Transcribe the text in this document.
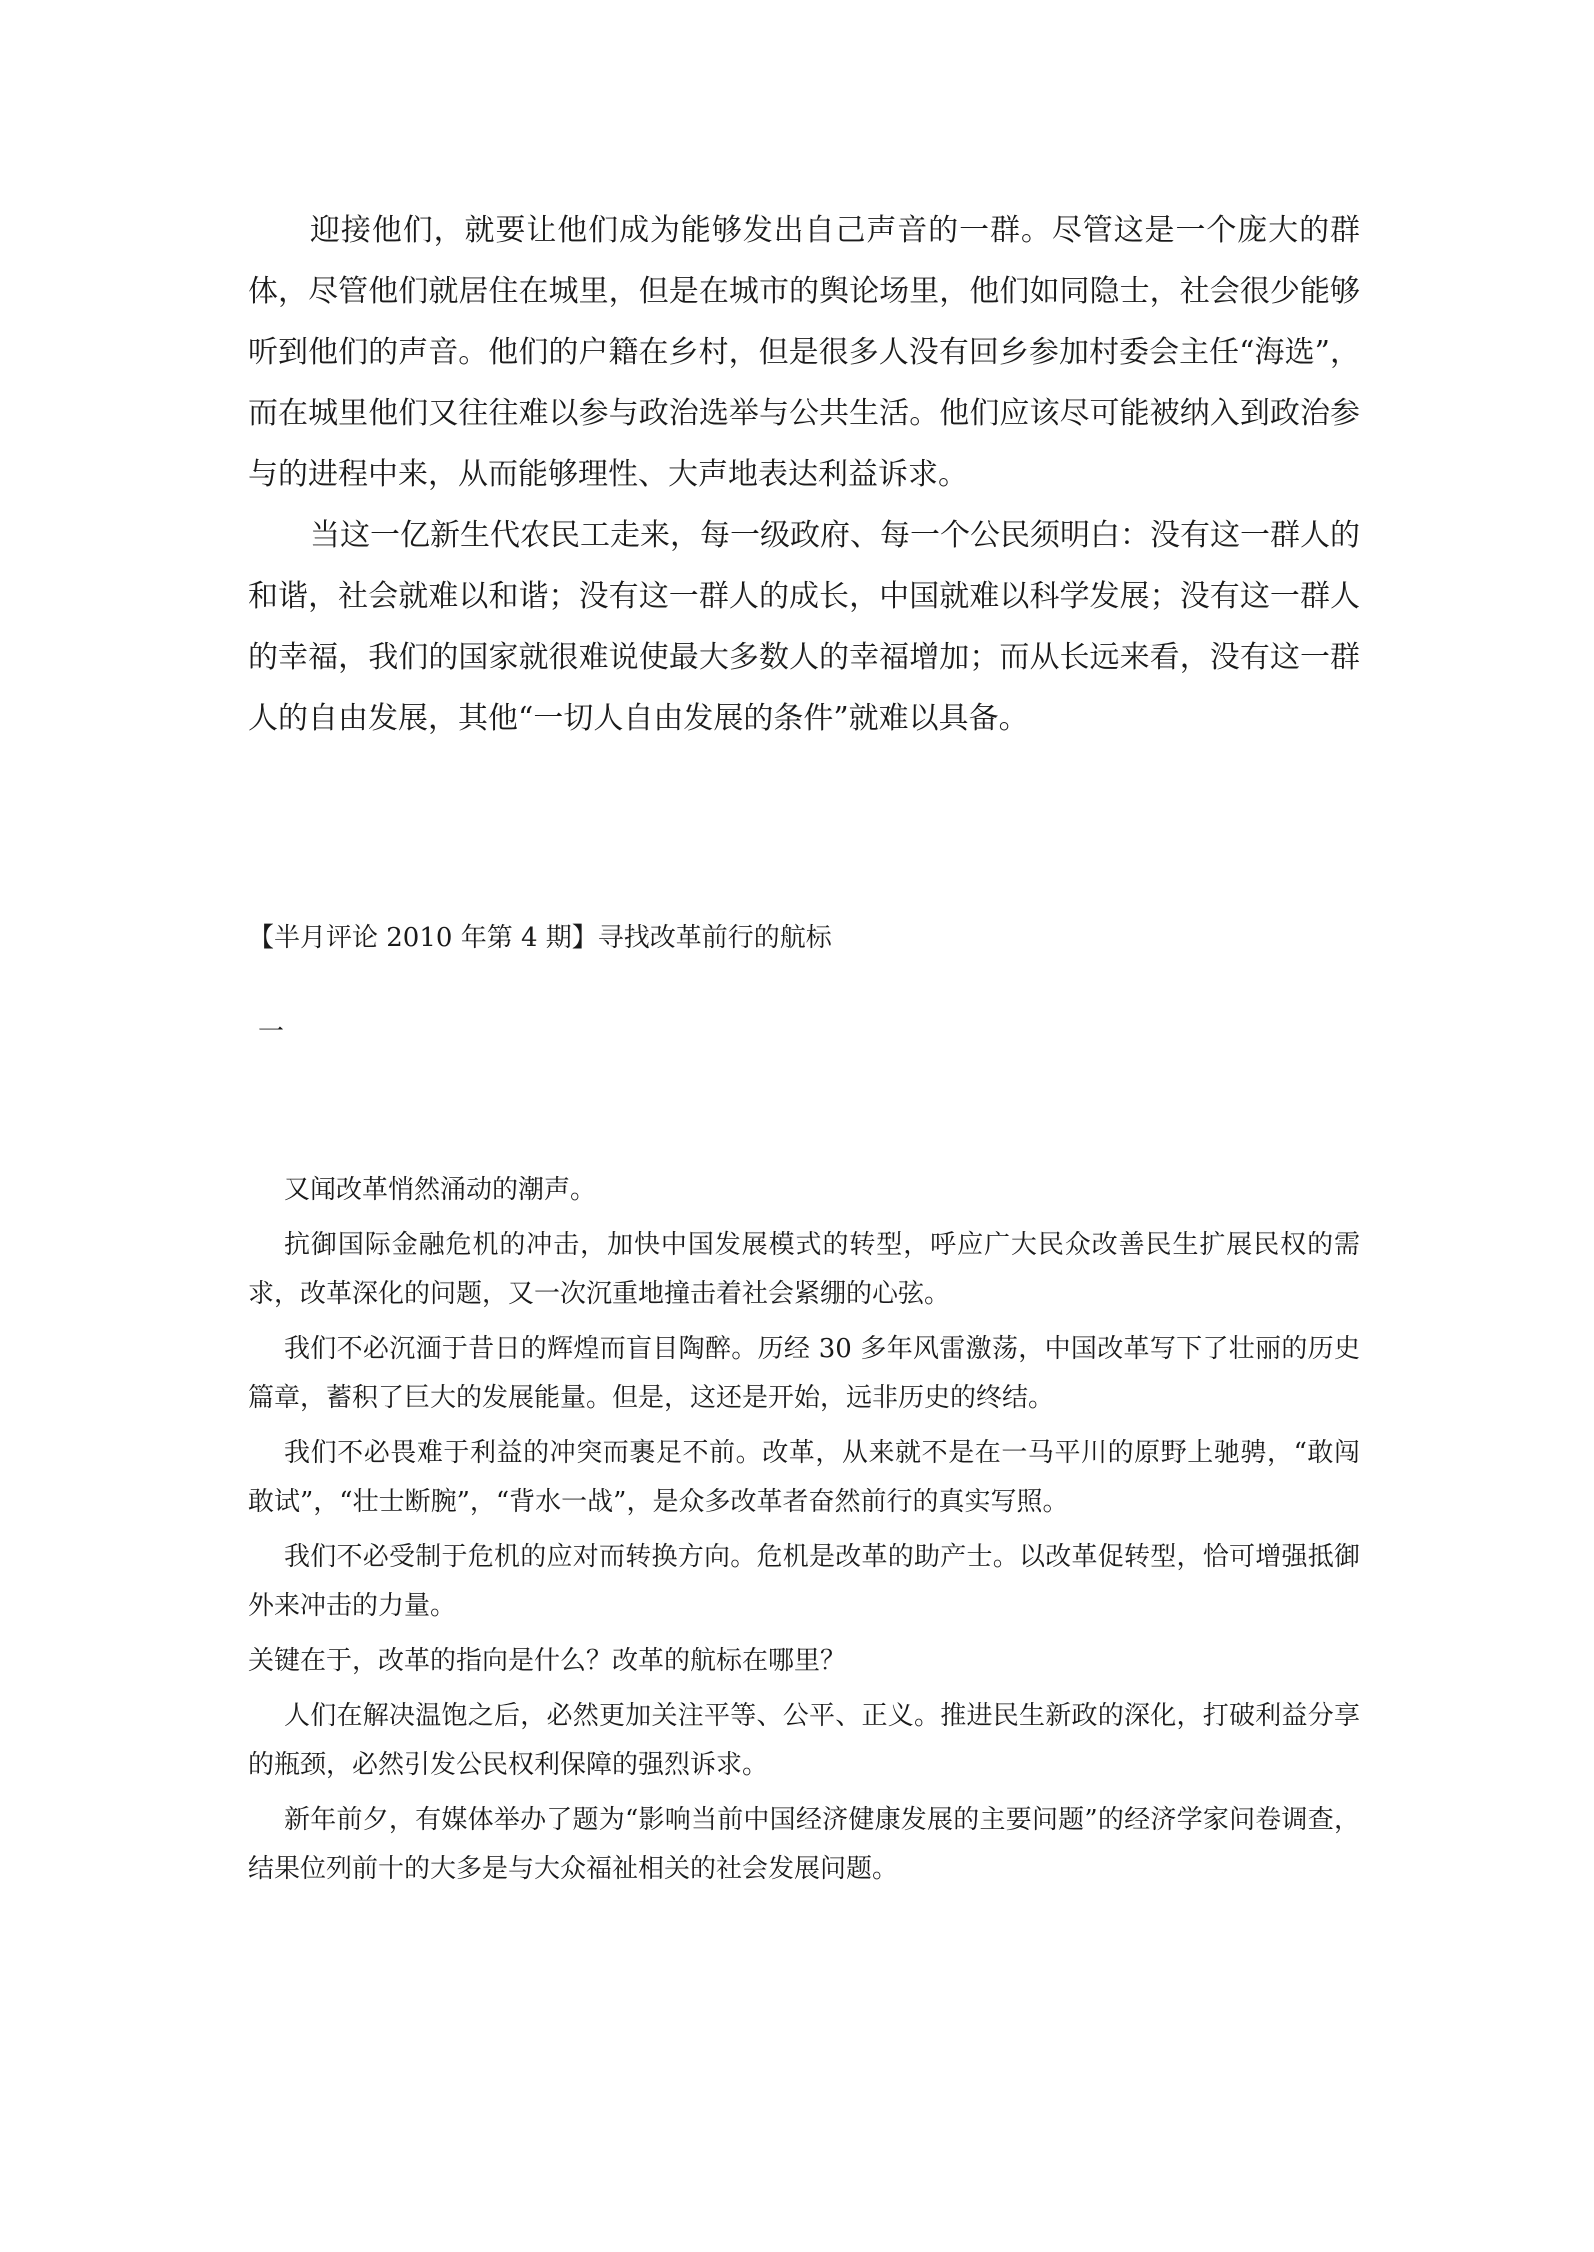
迎接他们，就要让他们成为能够发出自己声音的一群。尽管这是一个庞大的群体，尽管他们就居住在城里，但是在城市的舆论场里，他们如同隐士，社会很少能够听到他们的声音。他们的户籍在乡村，但是很多人没有回乡参加村委会主任“海选”，而在城里他们又往往难以参与政治选举与公共生活。他们应该尽可能被纳入到政治参与的进程中来，从而能够理性、大声地表达利益诉求。

当这一亿新生代农民工走来，每一级政府、每一个公民须明白：没有这一群人的和谐，社会就难以和谐；没有这一群人的成长，中国就难以科学发展；没有这一群人的幸福，我们的国家就很难说使最大多数人的幸福增加；而从长远来看，没有这一群人的自由发展，其他“一切人自由发展的条件”就难以具备。

【半月评论 2010 年第 4 期】寻找改革前行的航标

一

又闻改革悄然涌动的潮声。

抗御国际金融危机的冲击，加快中国发展模式的转型，呼应广大民众改善民生扩展民权的需求，改革深化的问题，又一次沉重地撞击着社会紧绷的心弦。

我们不必沉湎于昔日的辉煌而盲目陶醉。历经 30 多年风雷激荡，中国改革写下了壮丽的历史篇章，蓄积了巨大的发展能量。但是，这还是开始，远非历史的终结。

我们不必畏难于利益的冲突而裹足不前。改革，从来就不是在一马平川的原野上驰骋，“敢闯敢试”，“壮士断腕”，“背水一战”，是众多改革者奋然前行的真实写照。

我们不必受制于危机的应对而转换方向。危机是改革的助产士。以改革促转型，恰可增强抵御外来冲击的力量。

关键在于，改革的指向是什么？改革的航标在哪里？

人们在解决温饱之后，必然更加关注平等、公平、正义。推进民生新政的深化，打破利益分享的瓶颈，必然引发公民权利保障的强烈诉求。

新年前夕，有媒体举办了题为“影响当前中国经济健康发展的主要问题”的经济学家问卷调查，结果位列前十的大多是与大众福祉相关的社会发展问题。
